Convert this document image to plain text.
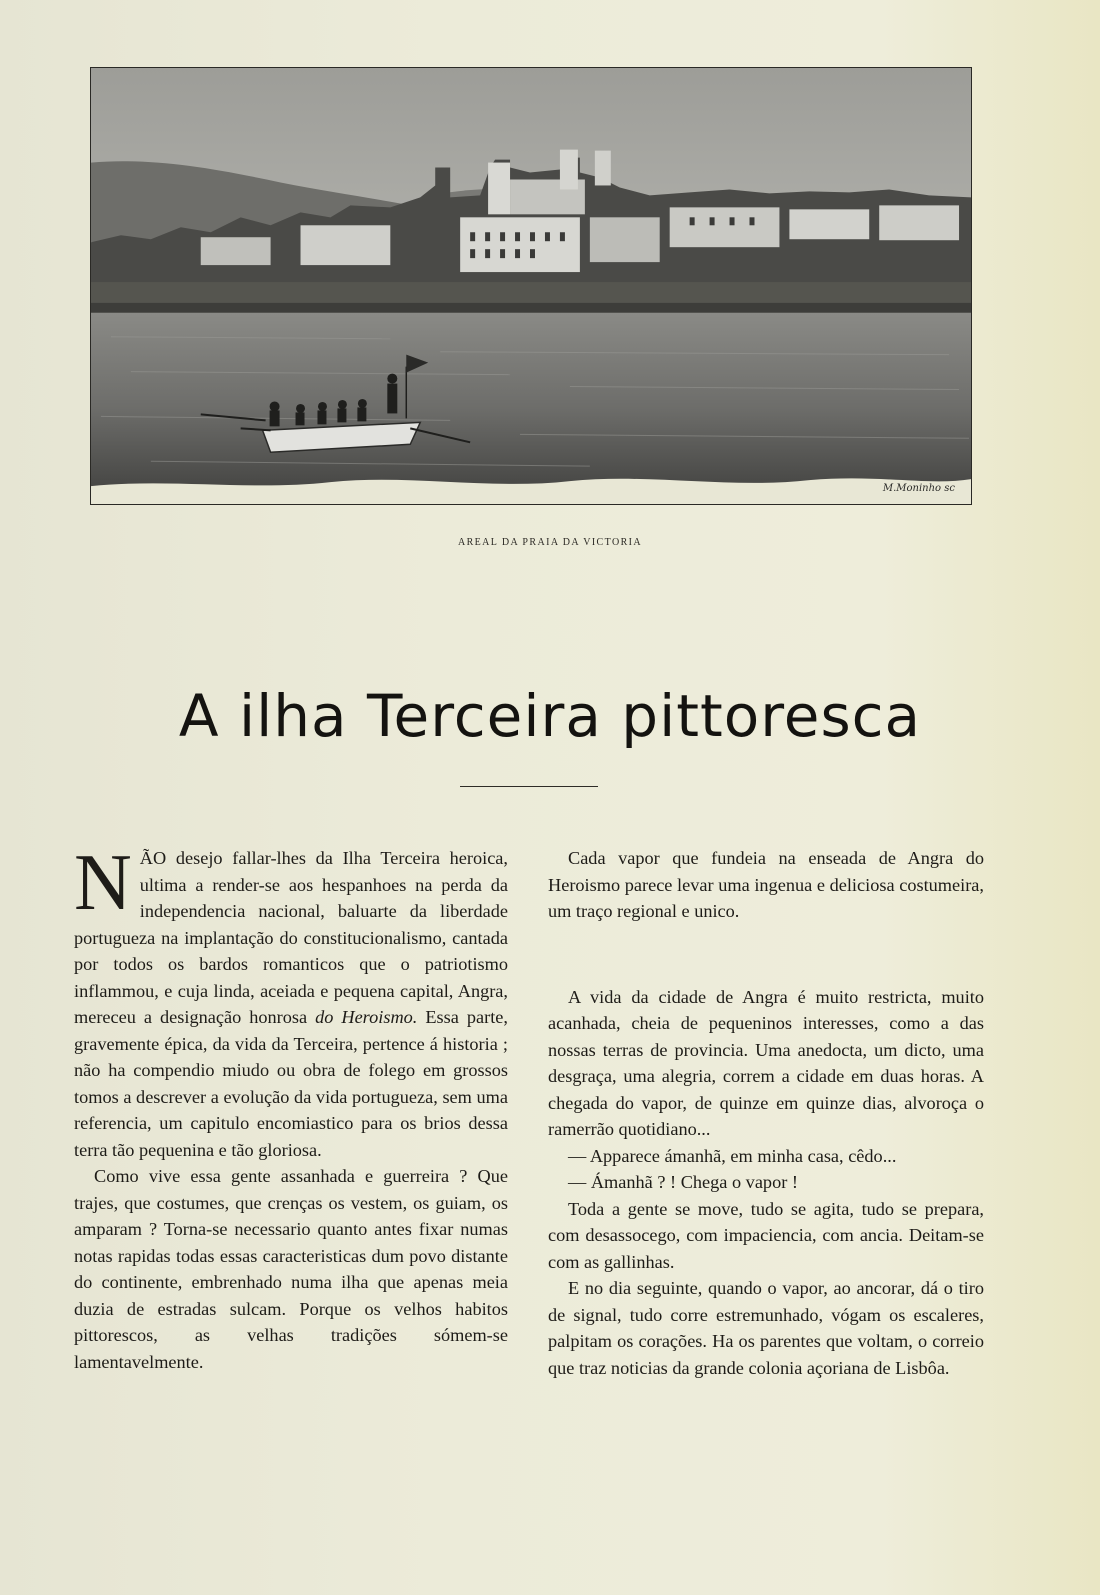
M.Moninho sc
AREAL DA PRAIA DA VICTORIA
A ilha Terceira pittoresca

NÃO desejo fallar-lhes da Ilha Terceira heroica, ultima a render-se aos hespanhoes na perda da independencia nacional, baluarte da liberdade portugueza na implantação do constitucionalismo, cantada por todos os bardos romanticos que o patriotismo inflammou, e cuja linda, aceiada e pequena capital, Angra, mereceu a designação honrosa do Heroismo. Essa parte, gravemente épica, da vida da Terceira, pertence á historia ; não ha compendio miudo ou obra de folego em grossos tomos a descrever a evolução da vida portugueza, sem uma referencia, um capitulo encomiastico para os brios dessa terra tão pequenina e tão gloriosa.

Como vive essa gente assanhada e guerreira ? Que trajes, que costumes, que crenças os vestem, os guiam, os amparam ? Torna-se necessario quanto antes fixar numas notas rapidas todas essas caracteristicas dum povo distante do continente, embrenhado numa ilha que apenas meia duzia de estradas sulcam. Porque os velhos habitos pittorescos, as velhas tradições sómem-se lamentavelmente.

Cada vapor que fundeia na enseada de Angra do Heroismo parece levar uma ingenua e deliciosa costumeira, um traço regional e unico.

A vida da cidade de Angra é muito restricta, muito acanhada, cheia de pequeninos interesses, como a das nossas terras de provincia. Uma anedocta, um dicto, uma desgraça, uma alegria, correm a cidade em duas horas. A chegada do vapor, de quinze em quinze dias, alvoroça o ramerrão quotidiano...

— Apparece ámanhã, em minha casa, cêdo...

— Ámanhã ? ! Chega o vapor !

Toda a gente se move, tudo se agita, tudo se prepara, com desassocego, com impaciencia, com ancia. Deitam-se com as gallinhas.

E no dia seguinte, quando o vapor, ao ancorar, dá o tiro de signal, tudo corre estremunhado, vógam os escaleres, palpitam os corações. Ha os parentes que voltam, o correio que traz noticias da grande colonia açoriana de Lisbôa.
